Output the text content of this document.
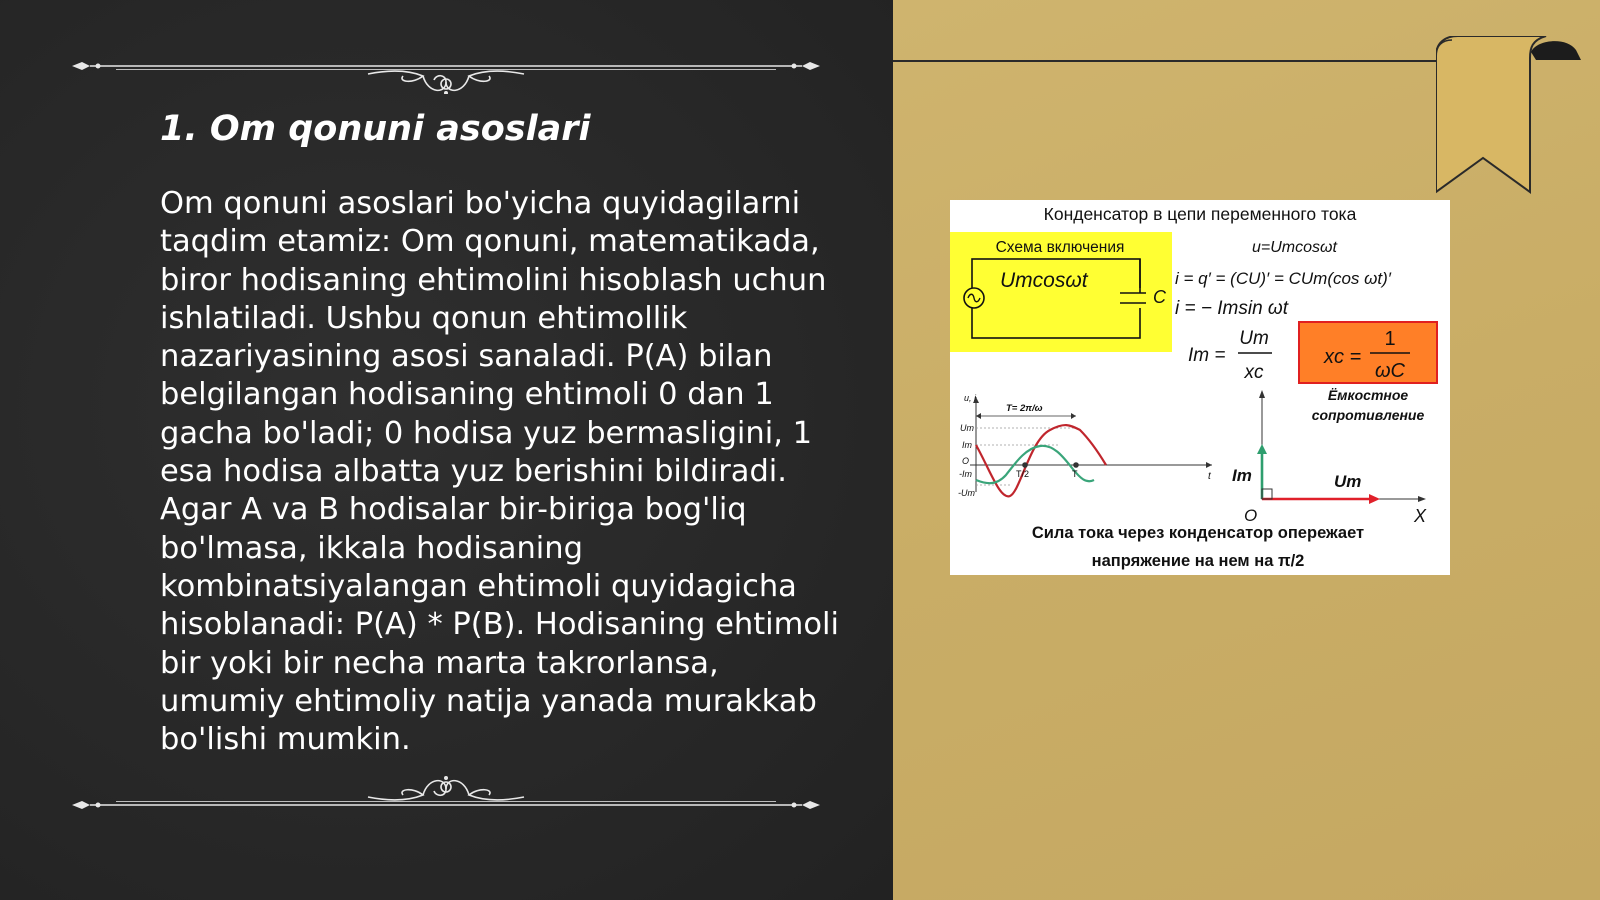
1. Om qonuni asoslari

Om qonuni asoslari bo'yicha quyidagilarni taqdim etamiz: Om qonuni, matematikada, biror hodisaning ehtimolini hisoblash uchun ishlatiladi. Ushbu qonun ehtimollik nazariyasining asosi sanaladi. P(A) bilan belgilangan hodisaning ehtimoli 0 dan 1 gacha bo'ladi; 0 hodisa yuz bermasligini, 1 esa hodisa albatta yuz berishini bildiradi. Agar A va B hodisalar bir-biriga bog'liq bo'lmasa, ikkala hodisaning kombinatsiyalangan ehtimoli quyidagicha hisoblanadi: P(A) * P(B). Hodisaning ehtimoli bir yoki bir necha marta takrorlansa, umumiy ehtimoliy natija yanada murakkab bo'lishi mumkin.

Конденсатор в цепи переменного тока
Схема включения
Umcosωt
C
u=Umcosωt
i = q′ = (CU)′ = CUm(cos ωt)′
i = − Imsin ωt
Im =
Um
xc
xc =
1
ωC
Ёмкостное
сопротивление
u, i
t
T= 2π/ω
Um
Im
O
-Im
-Um
T/2	T
O	X
Im	Um
Сила тока через конденсатор опережает
напряжение на нем на π/2
